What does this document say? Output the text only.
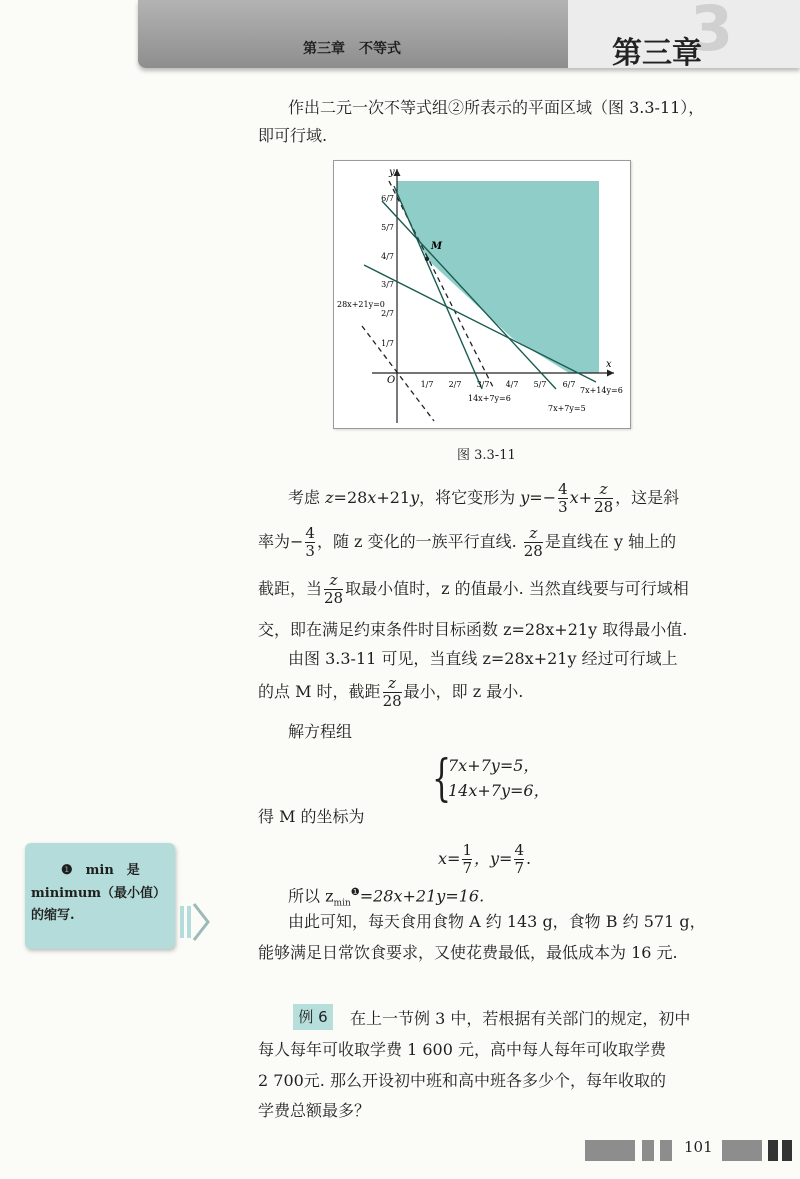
3
第三章　不等式	第三章
作出二元一次不等式组②所表示的平面区域（图 3.3-11），
即可行域.
M
y
x
O	1/7 2/7 3/7 4/7 5/7 6/7
1/7
2/7
3/7
4/7
5/7
6/7
28x+21y=0
14x+7y=6
7x+7y=5
7x+14y=6
图 3.3-11
考虑 z=28x+21y，将它变形为 $y=- \frac{4}{3} x+ \frac{z}{28}$ ，这是斜
率为− $\frac{4}{3}$ ，随 z 变化的一族平行直线. $\frac{z}{28}$ 是直线在 y 轴上的
截距，当 $\frac{z}{28}$ 取最小值时，z 的值最小. 当然直线要与可行域相
交，即在满足约束条件时目标函数 z=28x+21y 取得最小值.
由图 3.3-11 可见，当直线 z=28x+21y 经过可行域上
的点 M 时，截距 $\frac{z}{28}$ 最小，即 z 最小.
解方程组
{
7x+7y=5，
14x+7y=6，
得 M 的坐标为
$x= \frac{1}{7}$ ，$y= \frac{4}{7}$ .
所以 $z_{min}^❶=28x+21y=16$.
由此可知，每天食用食物 A 约 143 g，食物 B 约 571 g，
能够满足日常饮食要求，又使花费最低，最低成本为 16 元.
❶　min　是
minimum（最小值）
的缩写.
例 6	在上一节例 3 中，若根据有关部门的规定，初中
每人每年可收取学费 1 600 元，高中每人每年可收取学费
2 700元. 那么开设初中班和高中班各多少个，每年收取的
学费总额最多？
101
